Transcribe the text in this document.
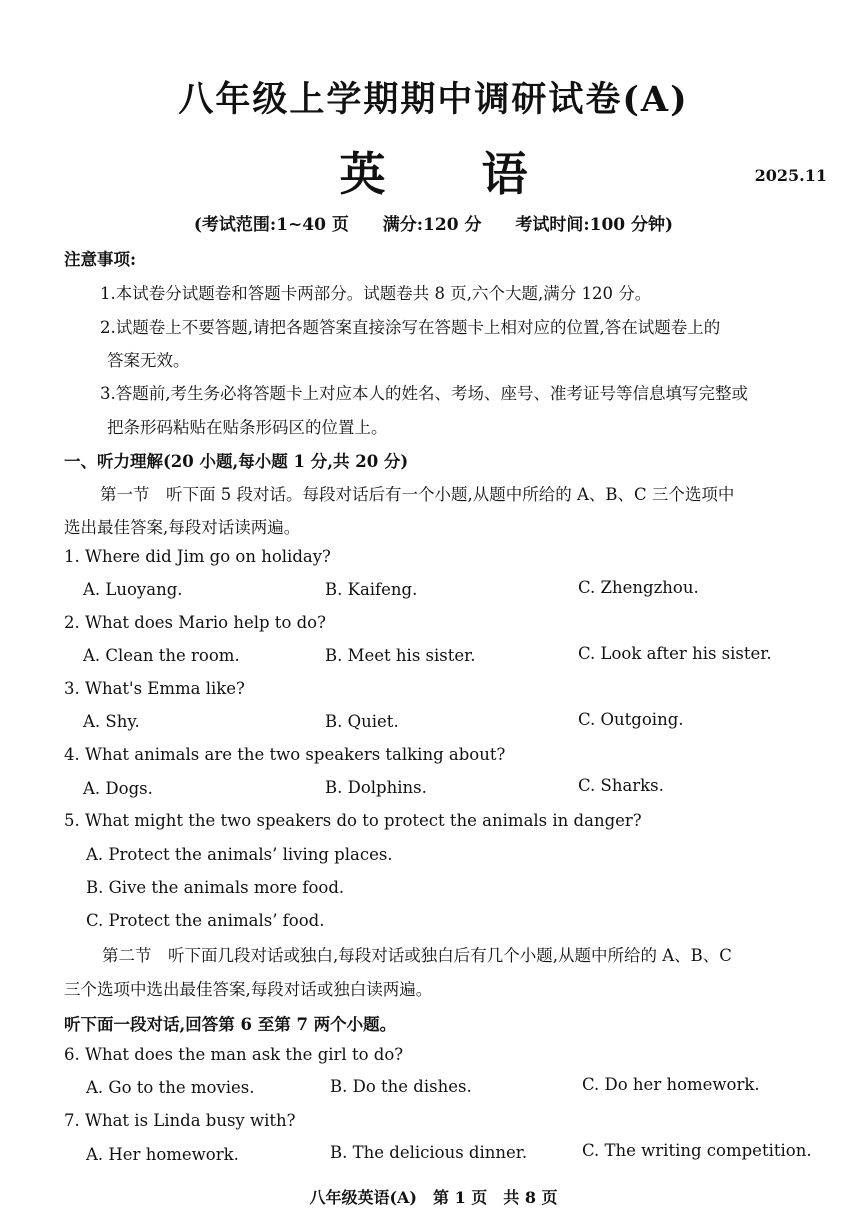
八年级上学期期中调研试卷(A)
英 语	2025.11
(考试范围:1~40 页 满分:120 分 考试时间:100 分钟)
注意事项:
1.本试卷分试题卷和答题卡两部分。试题卷共 8 页,六个大题,满分 120 分。
2.试题卷上不要答题,请把各题答案直接涂写在答题卡上相对应的位置,答在试题卷上的
答案无效。
3.答题前,考生务必将答题卡上对应本人的姓名、考场、座号、准考证号等信息填写完整或
把条形码粘贴在贴条形码区的位置上。
一、听力理解(20 小题,每小题 1 分,共 20 分)
第一节　听下面 5 段对话。每段对话后有一个小题,从题中所给的 A、B、C 三个选项中
选出最佳答案,每段对话读两遍。
1. Where did Jim go on holiday?
A. Luoyang.	B. Kaifeng.	C. Zhengzhou.
2. What does Mario help to do?
A. Clean the room.	B. Meet his sister.	C. Look after his sister.
3. What's Emma like?
A. Shy.	B. Quiet.	C. Outgoing.
4. What animals are the two speakers talking about?
A. Dogs.	B. Dolphins.	C. Sharks.
5. What might the two speakers do to protect the animals in danger?
A. Protect the animals’ living places.
B. Give the animals more food.
C. Protect the animals’ food.
第二节　听下面几段对话或独白,每段对话或独白后有几个小题,从题中所给的 A、B、C
三个选项中选出最佳答案,每段对话或独白读两遍。
听下面一段对话,回答第 6 至第 7 两个小题。
6. What does the man ask the girl to do?
A. Go to the movies.	B. Do the dishes.	C. Do her homework.
7. What is Linda busy with?
A. Her homework.	B. The delicious dinner.	C. The writing competition.
八年级英语(A)　第 1 页　共 8 页
